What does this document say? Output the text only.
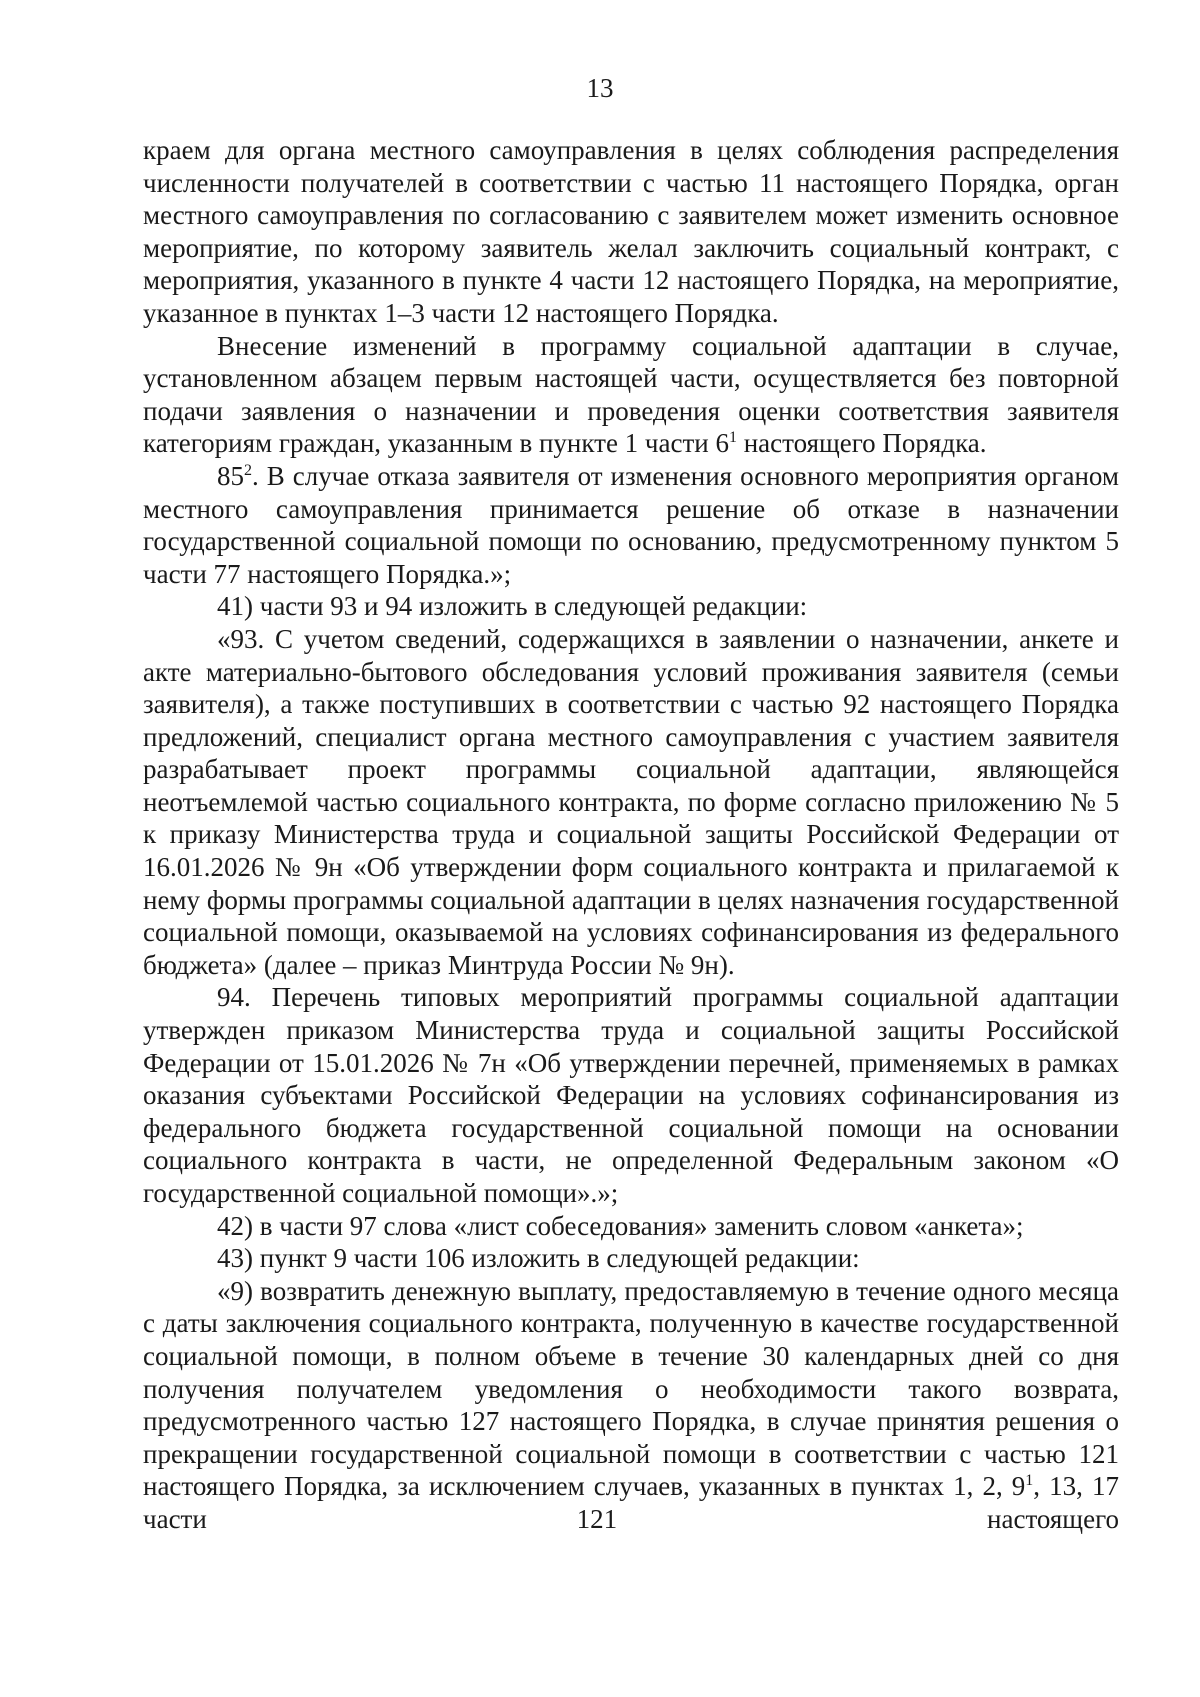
13

краем для органа местного самоуправления в целях соблюдения распределения численности получателей в соответствии с частью 11 настоящего Порядка, орган местного самоуправления по согласованию с заявителем может изменить основное мероприятие, по которому заявитель желал заключить социальный контракт, с мероприятия, указанного в пункте 4 части 12 настоящего Порядка, на мероприятие, указанное в пунктах 1–3 части 12 настоящего Порядка.

Внесение изменений в программу социальной адаптации в случае, установленном абзацем первым настоящей части, осуществляется без повторной подачи заявления о назначении и проведения оценки соответствия заявителя категориям граждан, указанным в пункте 1 части $6^1$ настоящего Порядка.

$85^2$. В случае отказа заявителя от изменения основного мероприятия органом местного самоуправления принимается решение об отказе в назначении государственной социальной помощи по основанию, предусмотренному пунктом 5 части 77 настоящего Порядка.»;

41) части 93 и 94 изложить в следующей редакции:

«93. С учетом сведений, содержащихся в заявлении о назначении, анкете и акте материально-бытового обследования условий проживания заявителя (семьи заявителя), а также поступивших в соответствии с частью 92 настоящего Порядка предложений, специалист органа местного самоуправления с участием заявителя разрабатывает проект программы социальной адаптации, являющейся неотъемлемой частью социального контракта, по форме согласно приложению № 5 к приказу Министерства труда и социальной защиты Российской Федерации от 16.01.2026 № 9н «Об утверждении форм социального контракта и прилагаемой к нему формы программы социальной адаптации в целях назначения государственной социальной помощи, оказываемой на условиях софинансирования из федерального бюджета» (далее – приказ Минтруда России № 9н).

94. Перечень типовых мероприятий программы социальной адаптации утвержден приказом Министерства труда и социальной защиты Российской Федерации от 15.01.2026 № 7н «Об утверждении перечней, применяемых в рамках оказания субъектами Российской Федерации на условиях софинансирования из федерального бюджета государственной социальной помощи на основании социального контракта в части, не определенной Федеральным законом «О государственной социальной помощи».»;

42) в части 97 слова «лист собеседования» заменить словом «анкета»;

43) пункт 9 части 106 изложить в следующей редакции:

«9) возвратить денежную выплату, предоставляемую в течение одного месяца с даты заключения социального контракта, полученную в качестве государственной социальной помощи, в полном объеме в течение 30 календарных дней со дня получения получателем уведомления о необходимости такого возврата, предусмотренного частью 127 настоящего Порядка, в случае принятия решения о прекращении государственной социальной помощи в соответствии с частью 121 настоящего Порядка, за исключением случаев, указанных в пунктах 1, 2, $9^1$, 13, 17 части 121 настоящего
